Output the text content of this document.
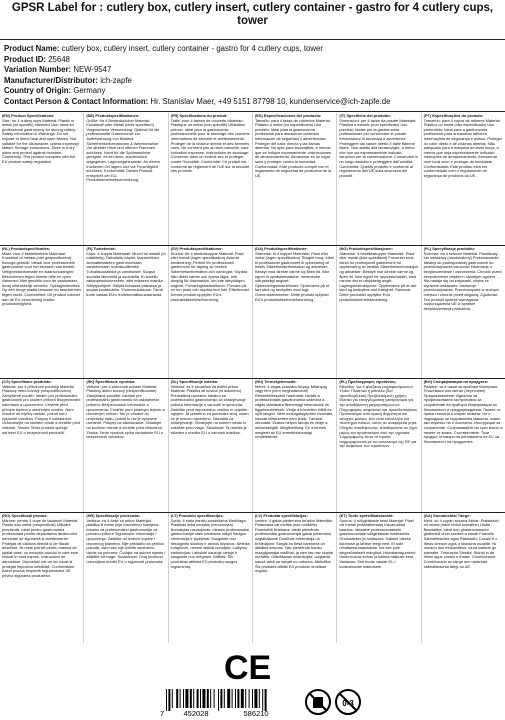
GPSR Label for : cutlery box, cutlery insert, cutlery container - gastro for 4 cutlery cups, tower
Product Name: cutlery box, cutlery insert, cutlery container - gastro for 4 cutlery cups, tower
Product ID: 25648
Variation Number: NEW-9547
Manufacturer/Distributor: ich-zapfe
Country of Origin: Germany
Contact Person & Contact Information: Hr. Stanislav Maer, +49 5151 87798 10, kundenservice@ich-zapfe.de
(EN) Product Specifications:
Size: for 4 cutlery cups Material: Plastic or metal (no specific) Intended Use: Ideal for professional gastronomy for storing cutlery Safety Information & Warnings: Do not expose to direct heat and open flames. Not suitable for the dishwasher, unless expressly stated. Storage Instructions: Store in a dry place and protect against moisture. Conformity: This product complies with the EU product safety regulation.
(DE) Produktspezifikationen:
Größe: für 4 Besteckköcher Material: Kunststoff oder Metall (nicht spezifisch) Vorgesehene Verwendung: Optimal für die professionelle Gastronomie zur Aufbewahrung von Besteck Sicherheitsinformationen & Warnhinweise: Vor direkter Hitze und offenen Flammen schützen. Nicht für die Spülmaschine geeignet, es sei denn, ausdrücklich angegeben. Lagerungshinweise: An einem trockenen Ort lagern und vor Feuchtigkeit schützen. Konformität: Dieses Produkt entspricht der EU-Produktsicherheitsverordnung.
(FR) Spécifications du produit:
Taille: pour 4 tasses de couverts Matériau: Plastique ou métal (non spécifié) Utilisation prévue: Idéal pour la gastronomie professionnelle pour le stockage des couverts Informations de sécurité et avertissements: Protéger de la chaleur directe et des flammes nues. Ne convient pas au lave-vaisselle, sauf indication expresse. Instructions de stockage: Conserver dans un endroit sec et protéger contre l'humidité. Conformité: Ce produit est conforme au règlement de l'UE sur la sécurité des produits.
(ES) Especificaciones del producto:
Tamaño: para 4 tazas de cubiertos Material: Plástico o metal (no especificado) Uso previsto: Ideal para la gastronomía profesional para almacenar cubiertos Información de seguridad y advertencias: Proteger del calor directo y las llamas abiertas. No apto para lavavajillas, a menos que se indique expresamente. Instrucciones de almacenamiento: Almacenar en un lugar seco y proteger contra la humedad. Conformidad: Este producto cumple con el reglamento de seguridad de productos de la UE.
(IT) Specifiche del prodotto:
Dimensioni: per 4 tazze da posate Materiale: Plastica o metallo (non specificato) Uso previsto: Ideale per la gastronomia professionale per conservare le posate Informazioni di sicurezza e avvertenze: Proteggere dal calore diretto e dalle fiamme libere. Non adatto alla lavastoviglie, a meno che non sia espressamente indicato. Istruzioni per la conservazione: Conservare in un luogo asciutto e proteggere dall'umidità. Conformità: Questo prodotto è conforme al regolamento dell'UE sulla sicurezza dei prodotti.
(PT) Especificações do produto:
Tamanho: para 4 copos de talheres Material: Plástico ou metal (não especificado) Uso pretendido: Ideal para a gastronomia profissional para armazenar talheres Informações de segurança e avisos: Proteger do calor direto e de chamas abertas. Não adequado para a máquina de lavar louça, a menos que seja expressamente indicado. Instruções de armazenamento: Armazenar num local seco e proteger da humidade. Conformidade: Este produto está em conformidade com o regulamento de segurança de produtos da UE.
(NL) Productspecificaties:
Maat: voor 4 bestekbekers Materiaal: Kunststof of metaal (niet gespecificeerd) Beoogd gebruik: Ideaal voor professionele gastronomie voor het bewaren van bestek Veiligheidsinformatie en waarschuwingen: Beschermen tegen directe hitte en open vlammen. Niet geschikt voor de vaatwasser, tenzij uitdrukkelijk vermeld. Opslaginstructies: Op een droge plaats bewaren en beschermen tegen vocht. Conformiteit: Dit product voldoet aan de EU-verordening inzake productveiligheid.
(FI) Tuotetiedot:
Koko: 4 kuppia Materiaali: Muovi tai metalli (ei määritelty) Tarkoitettu käyttö: Ihanteellinen ammattimaiseen gastronomiaan varastoimaan ruokailuvälineitä Turvallisuustiedot ja varoitukset: Suojaa suoralta lämmöltä ja avotulelta. Ei sovellu astianpesukoneeseen, ellei erikseen mainita. Säilytysohjeet: Säilytä kuivassa paikassa ja suojaa kosteudelta. Yhdenmukaisuus: Tämä tuote vastaa EU:n tuoteturvallisuusasetusta.
(SV) Produktspecifikationer:
Storlek: för 4 bestickkoppar Material: Plast eller metall (ingen specifikation) Avsedd användning: Perfekt för professionell gastronomi för lagring av bestick Säkerhetsinformation och varningar: Skydda från direkt värme och öppna lågor. Inte lämplig för diskmaskin, om inte uttryckligen angivet. Förvaringsinstruktioner: Förvara på en torr plats och skydda mot fukt. Efterlevnad: Denna produkt uppfyller EU:s produktsäkerhetsförordning.
(DA) Produktspecifikationer:
Størrelse: til 4 kopper Materiale: Plast eller metal (ingen specifikation) Tilsigtet brug: Ideel til professionel gastronomi til opbevaring af bestik Sikkerhedsinformation og advarsler: Beskyt mod direkte varme og åben ild. Ikke egnet til opvaskemaskine, medmindre udtrykkeligt angivet. Opbevaringsinstruktioner: Opbevares på et tørt sted og beskyttes mod fugt. Overensstemmelse: Dette produkt opfylder EU's produktsikkerhedsforordning.
(NO) Produktspesifikasjoner:
Størrelse: 4 bestikkskopper Materiale: Plast eller metall (ikke spesifisert) Forventet bruk: Ideell for profesjonell gastronomi for oppbevaring av bestikk Sikkerhetsinformasjon og advarsler: Beskytt mot direkte varme og åpen ild. Ikke egnet for oppvaskmaskin, med mindre det er uttrykkelig angitt. Lagringsinstruksjoner: Oppbevares på et tørt sted og beskyttes mot fuktighet. Samsvar: Dette produktet oppfyller EUs produktsikkerhetsforordning.
(PL) Specyfikacje produktu:
Rozmiar: na 4 sztućce Materiał: Plastikowy lub metalowy (nieokreślony) Przeznaczenie: Idealny do profesjonalnej gastronomii do przechowywania sztućców Informacje o bezpieczeństwie i ostrzeżenia: Chronić przed bezpośrednim ciepłem i otwartym ogniem. Nie nadaje się do zmywarki, chyba że wyraźnie wskazano. Instrukcje przechowywania: Przechowywać w suchym miejscu i chronić przed wilgocią. Zgodność: Ten produkt spełnia wymagania rozporządzenia UE w sprawie bezpieczeństwa produktów.
(CS) Specifikace produktu:
Velikost: pro 4 příborové pohárky Materiál: Plastový nebo kovový (nespecifikováno) Zamýšlené použití: Ideální pro profesionální gastronomii pro uložení příborů Bezpečnostní informace a upozornění: Chraňte před přímým teplem a otevřeným ohněm. Není vhodné do myčky nádobí, pokud není výslovně uvedeno. Pokyny k uskladnění: Uchovávejte na suchém místě a chraňte před vlhkostí. Shoda: Tento produkt splňuje nařízení EU o bezpečnosti produktů.
(SK) Špecifikácie výrobku:
Veľkosť: pre 4 príborové poháre Materiál: Plastový alebo kovový (nešpecifikované) Zamýšľané použitie: Ideálne pre profesionálnu gastronómiu na uskladnenie príborov Bezpečnostné informácie a upozornenia: Chráňte pred priamym teplom a otvoreným ohňom. Nie je vhodné do umývačky riadu, pokiaľ to nie je výslovne uvedené. Pokyny na skladovanie: Skladujte na suchom mieste a chráňte pred vlhkosťou. Zhoda: Tento výrobok spĺňa nariadenie EÚ o bezpečnosti výrobkov.
(SL) Specifikacije izdelka:
Velikost: za 4 skodelice za jedilni pribor Material: Plastika ali kovina (ni določeno) Predvidena uporaba: Idealno za profesionalno gastronomijo za shranjevanje pribora Informacije o varnosti in opozorila: Zaščitite pred neposredno vročino in odprtim ognjem. Ni primerno za pomivalni stroj, razen če je izrecno navedeno. Navodila za shranjevanje: Shranjujte na suhem mestu in zaščitite pred vlago. Skladnost: Ta izdelek je skladen z uredbo EU o varnosti izdelkov.
(HU) Termékjellemzők:
Méret: 4 vágás számára Anyag: Műanyag vagy fém (nem meghatározott) Rendeltetésszerű használat: Ideális a professzionális gasztronómia számára a vágás tárolására Biztonsági információk és figyelmeztetések: Védje a közvetlen hőtől és nyílt lángtól. Nem mosogatógépben mosható, hacsak kifejezetten nem jelzik. Tárolási útmutató: Száraz helyen tárolja és védje a nedvességtől. Megfelelőség: Ez a termék megfelel az EU termékbiztonsági rendeletének.
(EL) Προδιαγραφές προϊόντος:
Μέγεθος: για 4 φλιτζάνια μαχαιροπίρουνων Υλικό: Πλαστικό ή μέταλλο (δεν προσδιορίζεται) Προβλεπόμενη χρήση: Ιδανικό για επαγγελματική γαστρονομία για την αποθήκευση μαχαιροπίρουνων Πληροφορίες ασφαλείας και προειδοποιήσεις: Προστατέψτε από άμεση θερμότητα και ανοιχτές φλόγες. Δεν είναι κατάλληλο για πλυντήριο πιάτων, εκτός αν αναφέρεται ρητά. Οδηγίες αποθήκευσης: Αποθηκεύστε σε ξηρό μέρος και προστατέψτε από την υγρασία. Συμμόρφωση: Αυτό το προϊόν συμμορφώνεται με τον κανονισμό της ΕΕ για την ασφάλεια των προϊόντων.
(BG) Спецификации на продукта:
Размер: за 4 чаши за прибори Материал: Пластмаса или метал (неуточнен) Предназначение: Идеално за професионална гастрономия за съхранение на прибори Информация за безопасност и предупреждения: Пазете от пряка топлина и открит пламък. Не е подходящо за съдомиялна машина, освен ако изрично не е посочено. Инструкции за съхранение: Съхранявайте на сухо място и пазете от влага. Съответствие: Този продукт отговаря на регламента на ЕС за безопасност на продуктите.
(RO) Specificații produs:
Mărime: pentru 4 cupe de tacâmuri Material: Plastic sau metal (nespecificat) Utilizare prevăzută: Ideal pentru gastronomia profesională pentru depozitarea tacâmurilor Informații de siguranță și avertismente: Protejați de căldura directă și de flăcări deschise. Nu este potrivit pentru mașina de spălat vase, cu excepția cazului în care este indicat în mod expres. Instrucțiuni de depozitare: Depozitați într-un loc uscat și protejați împotriva umidității. Conformitate: Acest produs respectă regulamentul UE privind siguranța produselor.
(HR) Specifikacije proizvoda:
Veličina: za 4 čaše za pribor Materijal: plastika ili metal (nije navedeno) Namjena: Idealno za profesionalnu gastronomiju za pohranu pribora Sigurnosne informacije i upozorenja: Zaštitite od izravne topline i otvorenog plamena. Nije prikladno za perilicu posuđa, osim ako nije izričito navedeno. Upute za pohranu: Čuvajte na suhom mjestu i zaštitite od vlage. Sukladnost: Ovaj proizvod udovoljava uredbi EU o sigurnosti proizvoda.
(LT) Produkto specifikacijos:
Dydis: 4 stalo įrankių puodeliams Medžiaga: Plastikas arba metalas (nenurodyta) Numatytas naudojimas: Idealus profesionaliai gastronomijai stalo įrankiams laikyti Saugos informacija ir įspėjimai: Saugokite nuo tiesioginės šilumos ir atviros liepsnos. Netinka indaplovei, nebent aiškiai nurodyta. Laikymo instrukcijos: Laikykite sausoje vietoje ir saugokite nuo drėgmės. Atitiktis: Šis produktas atitinka ES produktų saugos reglamentą.
(LV) Produkta specifikācijas:
Izmērs: 4 galda piederumu krūzēm Materiāls: Plastmasa vai metāls (nav norādīts) Paredzētā lietošana: Ideāli piemērots profesionālai gastronomijai galda piederumu uzglabāšanai Drošības informācija un brīdinājumi: Sargāt no tiešā karstuma un atklātas liesmas. Nav piemērots trauku mazgājamajai mašīnai, ja vien tas nav skaidri norādīts. Glabāšanas instrukcijas: Uzglabāt sausā vietā un sargāt no mitruma. Atbilstība: Šis produkts atbilst ES produktu drošības regulai.
(ET) Toote spetsifikatsioonid:
Suurus: 4 söögiriistade tassi Materjal: Plast või metall (määratlemata) Kavandatud kasutus: Ideaalne professionaalsele gastronoomiale söögiriistade hoidmiseks Ohutusteave ja hoiatused: Kaitske otsese kuumuse ja lahtise leegi eest. Ei sobi nõudepesumasinasse, kui see pole selgesõnaliselt märgitud. Hoiustamisjuhised: Hoida kuivas kohas ja kaitsta niiskuse eest. Vastavus: See toode vastab EL-i tooteohutuse määrusele.
(GA) Sonraíochtaí Táirge:
Méid: do 4 cupán sceana Ábhar: Plaisteach nó miotal (nach bhfuil sonraithe) Úsáid Beartaithe: Ideal don ghastranómacht ghairmiúil chun sceana a stóráil Faisnéis Sábháilteachta agus Rabhaidh: Cosain é ó theas díreach agus ó lasracha oscailte. Ní oireann don mhiasniteoir, mura luaitear go sainráite. Treoracha Stórála: Stóráil in áit thirim agus cosain ó thaise. Comhlíonadh: Comhlíonann an táirge seo rialachán sábháilteachta táirgí an AE.
CE
7	452028	586210
0-3
